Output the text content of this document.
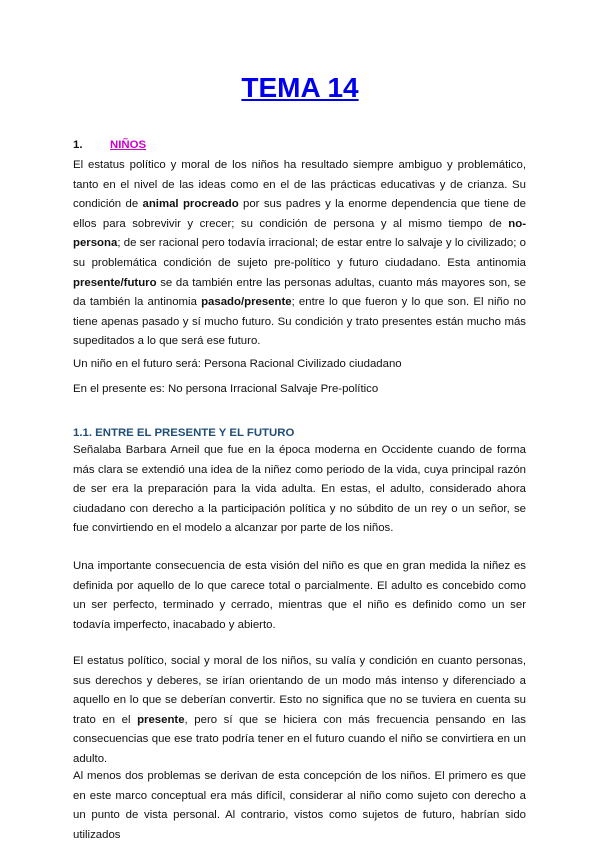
TEMA 14
1. NIÑOS

El estatus político y moral de los niños ha resultado siempre ambiguo y problemático, tanto en el nivel de las ideas como en el de las prácticas educativas y de crianza. Su condición de animal procreado por sus padres y la enorme dependencia que tiene de ellos para sobrevivir y crecer; su condición de persona y al mismo tiempo de no-persona; de ser racional pero todavía irracional; de estar entre lo salvaje y lo civilizado; o su problemática condición de sujeto pre-político y futuro ciudadano. Esta antinomia presente/futuro se da también entre las personas adultas, cuanto más mayores son, se da también la antinomia pasado/presente; entre lo que fueron y lo que son. El niño no tiene apenas pasado y sí mucho futuro. Su condición y trato presentes están mucho más supeditados a lo que será ese futuro.

Un niño en el futuro será: Persona Racional Civilizado ciudadano

En el presente es: No persona Irracional Salvaje Pre-político

1.1. ENTRE EL PRESENTE Y EL FUTURO

Señalaba Barbara Arneil que fue en la época moderna en Occidente cuando de forma más clara se extendió una idea de la niñez como periodo de la vida, cuya principal razón de ser era la preparación para la vida adulta. En estas, el adulto, considerado ahora ciudadano con derecho a la participación política y no súbdito de un rey o un señor, se fue convirtiendo en el modelo a alcanzar por parte de los niños.

Una importante consecuencia de esta visión del niño es que en gran medida la niñez es definida por aquello de lo que carece total o parcialmente. El adulto es concebido como un ser perfecto, terminado y cerrado, mientras que el niño es definido como un ser todavía imperfecto, inacabado y abierto.

El estatus político, social y moral de los niños, su valía y condición en cuanto personas, sus derechos y deberes, se irían orientando de un modo más intenso y diferenciado a aquello en lo que se deberían convertir. Esto no significa que no se tuviera en cuenta su trato en el presente, pero sí que se hiciera con más frecuencia pensando en las consecuencias que ese trato podría tener en el futuro cuando el niño se convirtiera en un adulto.

Al menos dos problemas se derivan de esta concepción de los niños. El primero es que en este marco conceptual era más difícil, considerar al niño como sujeto con derecho a un punto de vista personal. Al contrario, vistos como sujetos de futuro, habrían sido utilizados
